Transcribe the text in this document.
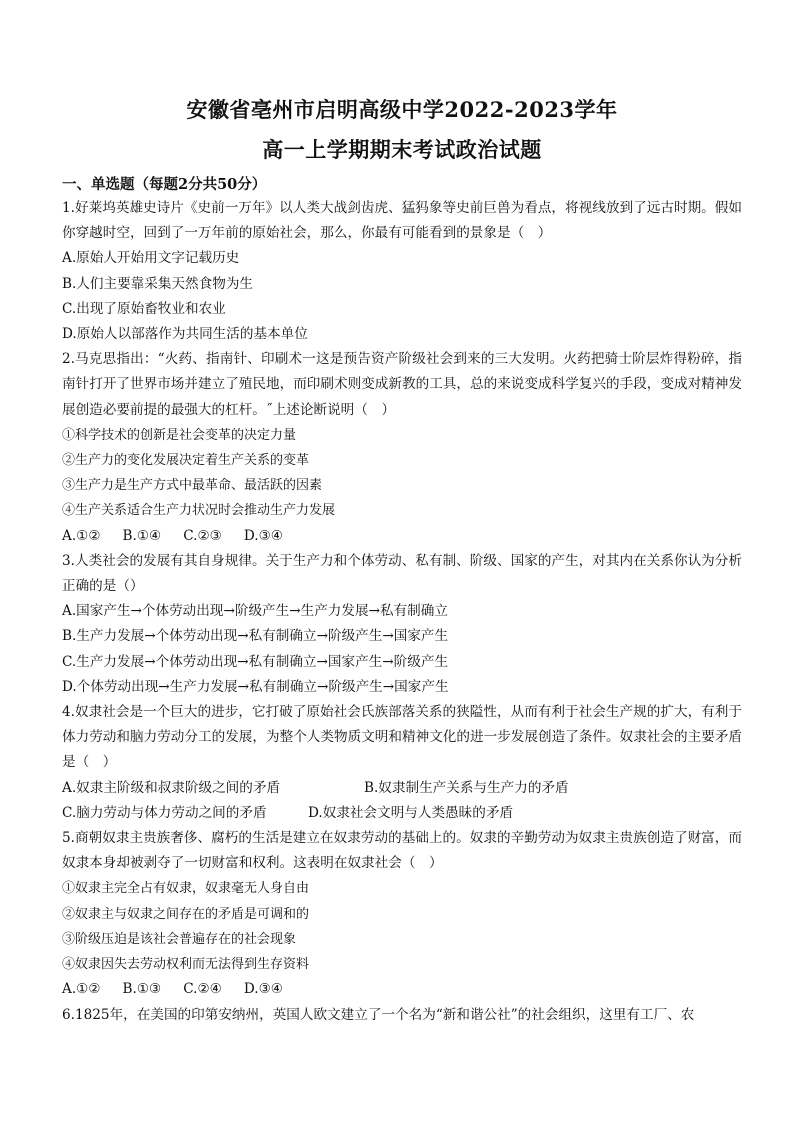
安徽省亳州市启明高级中学2022-2023学年
高一上学期期末考试政治试题
一、单选题（每题2分共50分）
1.好莱坞英雄史诗片《史前一万年》以人类大战剑齿虎、猛犸象等史前巨兽为看点，将视线放到了远古时期。假如你穿越时空，回到了一万年前的原始社会，那么，你最有可能看到的景象是（　）
A.原始人开始用文字记载历史
B.人们主要靠采集天然食物为生
C.出现了原始畜牧业和农业
D.原始人以部落作为共同生活的基本单位
2.马克思指出：“火药、指南针、印刷术一这是预告资产阶级社会到来的三大发明。火药把骑士阶层炸得粉碎，指南针打开了世界市场并建立了殖民地，而印刷术则变成新教的工具，总的来说变成科学复兴的手段，变成对精神发展创造必要前提的最强大的杠杆。˝上述论断说明（　）
①科学技术的创新是社会变革的决定力量
②生产力的变化发展决定着生产关系的变革
③生产力是生产方式中最革命、最活跃的因素
④生产关系适合生产力状况时会推动生产力发展
A.①② B.①④ C.②③ D.③④
3.人类社会的发展有其自身规律。关于生产力和个体劳动、私有制、阶级、国家的产生，对其内在关系你认为分析正确的是（）
A.国家产生→个体劳动出现→阶级产生→生产力发展→私有制确立
B.生产力发展→个体劳动出现→私有制确立→阶级产生→国家产生
C.生产力发展→个体劳动出现→私有制确立→国家产生→阶级产生
D.个体劳动出现→生产力发展→私有制确立→阶级产生→国家产生
4.奴隶社会是一个巨大的进步，它打破了原始社会氏族部落关系的狭隘性，从而有利于社会生产规的扩大，有利于体力劳动和脑力劳动分工的发展，为整个人类物质文明和精神文化的进一步发展创造了条件。奴隶社会的主要矛盾是（　）
A.奴隶主阶级和叔隶阶级之间的矛盾	B.奴隶制生产关系与生产力的矛盾
C.脑力劳动与体力劳动之间的矛盾	D.奴隶社会文明与人类愚昧的矛盾
5.商朝奴隶主贵族奢侈、腐朽的生活是建立在奴隶劳动的基础上的。奴隶的辛勤劳动为奴隶主贵族创造了财富，而奴隶本身却被剥夺了一切财富和权利。这表明在奴隶社会（　）
①奴隶主完全占有奴隶，奴隶毫无人身自由
②奴隶主与奴隶之间存在的矛盾是可调和的
③阶级压迫是该社会普遍存在的社会现象
④奴隶因失去劳动权利而无法得到生存资料
A.①② B.①③ C.②④ D.③④
6.1825年，在美国的印第安纳州，英国人欧文建立了一个名为“新和谐公社”的社会组织，这里有工厂、农
